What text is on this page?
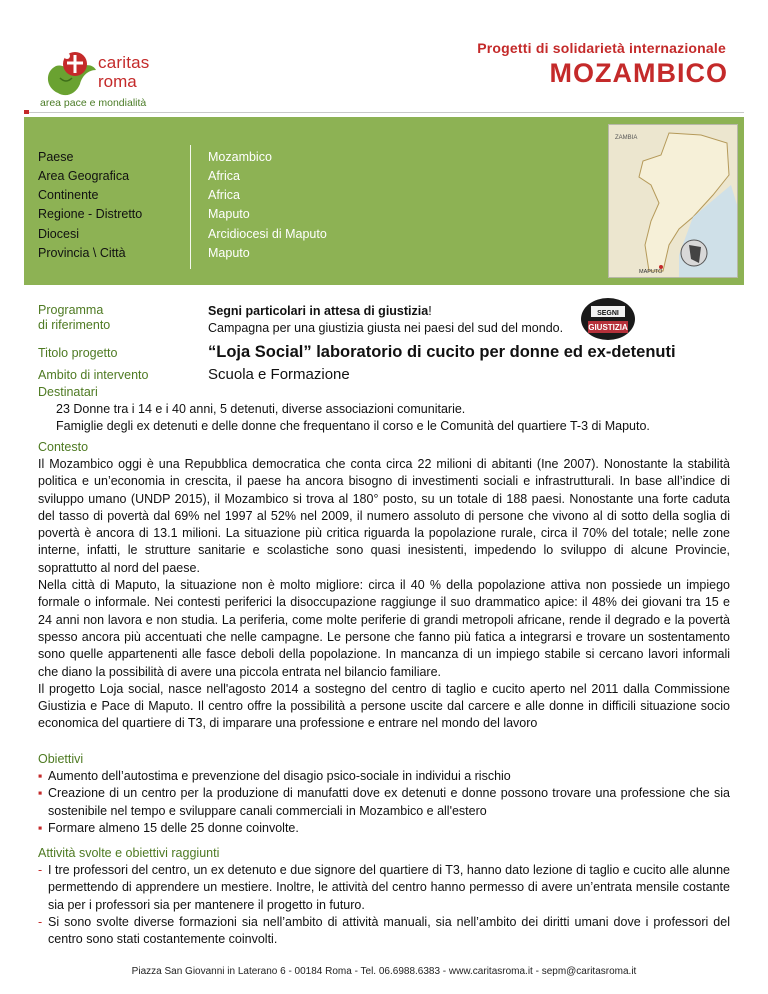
caritas
roma
area pace e mondialità
Progetti di solidarietà internazionale
MOZAMBICO
Paese	Mozambico
Area Geografica	Africa
Continente	Africa
Regione - Distretto	Maputo
Diocesi	Arcidiocesi di Maputo
Provincia \ Città	Maputo
ZAMBIA
MAPUTO
Programma
di riferimento
Segni particolari in attesa di giustizia!
Campagna per una giustizia giusta nei paesi del sud del mondo.
SEGNI
GIUSTIZIA
Titolo progetto	“Loja Social” laboratorio di cucito per donne ed ex-detenuti
Ambito di intervento	Scuola e Formazione
Destinatari
23 Donne tra i 14 e i 40 anni, 5 detenuti, diverse associazioni comunitarie.
Famiglie degli ex detenuti e delle donne che frequentano il corso e le Comunità del quartiere T-3 di Maputo.
Contesto
Il Mozambico oggi è una Repubblica democratica che conta circa 22 milioni di abitanti (Ine 2007). Nonostante la stabilità politica e un’economia in crescita, il paese ha ancora bisogno di investimenti sociali e infrastrutturali. In base all’indice di sviluppo umano (UNDP 2015), il Mozambico si trova al 180° posto, su un totale di 188 paesi. Nonostante una forte caduta del tasso di povertà dal 69% nel 1997 al 52% nel 2009, il numero assoluto di persone che vivono al di sotto della soglia di povertà è ancora di 13.1 milioni. La situazione più critica riguarda la popolazione rurale, circa il 70% del totale; nelle zone interne, infatti, le strutture sanitarie e scolastiche sono quasi inesistenti, impedendo lo sviluppo di alcune Provincie, soprattutto al nord del paese.
Nella città di Maputo, la situazione non è molto migliore: circa il 40 % della popolazione attiva non possiede un impiego formale o informale. Nei contesti periferici la disoccupazione raggiunge il suo drammatico apice: il 48% dei giovani tra 15 e 24 anni non lavora e non studia. La periferia, come molte periferie di grandi metropoli africane, rende il degrado e la povertà spesso ancora più accentuati che nelle campagne. Le persone che fanno più fatica a integrarsi e trovare un sostentamento sono quelle appartenenti alle fasce deboli della popolazione. In mancanza di un impiego stabile si cercano lavori informali che diano la possibilità di avere una piccola entrata nel bilancio familiare.
Il progetto Loja social, nasce nell'agosto 2014 a sostegno del centro di taglio e cucito aperto nel 2011 dalla Commissione Giustizia e Pace di Maputo. Il centro offre la possibilità a persone uscite dal carcere e alle donne in difficili situazione socio economica del quartiere di T3, di imparare una professione e entrare nel mondo del lavoro
Obiettivi
▪ Aumento dell’autostima e prevenzione del disagio psico-sociale in individui a rischio
▪ Creazione di un centro per la produzione di manufatti dove ex detenuti e donne possono trovare una professione che sia sostenibile nel tempo e sviluppare canali commerciali in Mozambico e all'estero
▪ Formare almeno 15 delle 25 donne coinvolte.
Attività svolte e obiettivi raggiunti
- I tre professori del centro, un ex detenuto e due signore del quartiere di T3, hanno dato lezione di taglio e cucito alle alunne permettendo di apprendere un mestiere. Inoltre, le attività del centro hanno permesso di avere un’entrata mensile costante sia per i professori sia per mantenere il progetto in futuro.
- Si sono svolte diverse formazioni sia nell’ambito di attività manuali, sia nell’ambito dei diritti umani dove i professori del centro sono stati costantemente coinvolti.
Piazza San Giovanni in Laterano 6 - 00184 Roma - Tel. 06.6988.6383 - www.caritasroma.it - sepm@caritasroma.it
